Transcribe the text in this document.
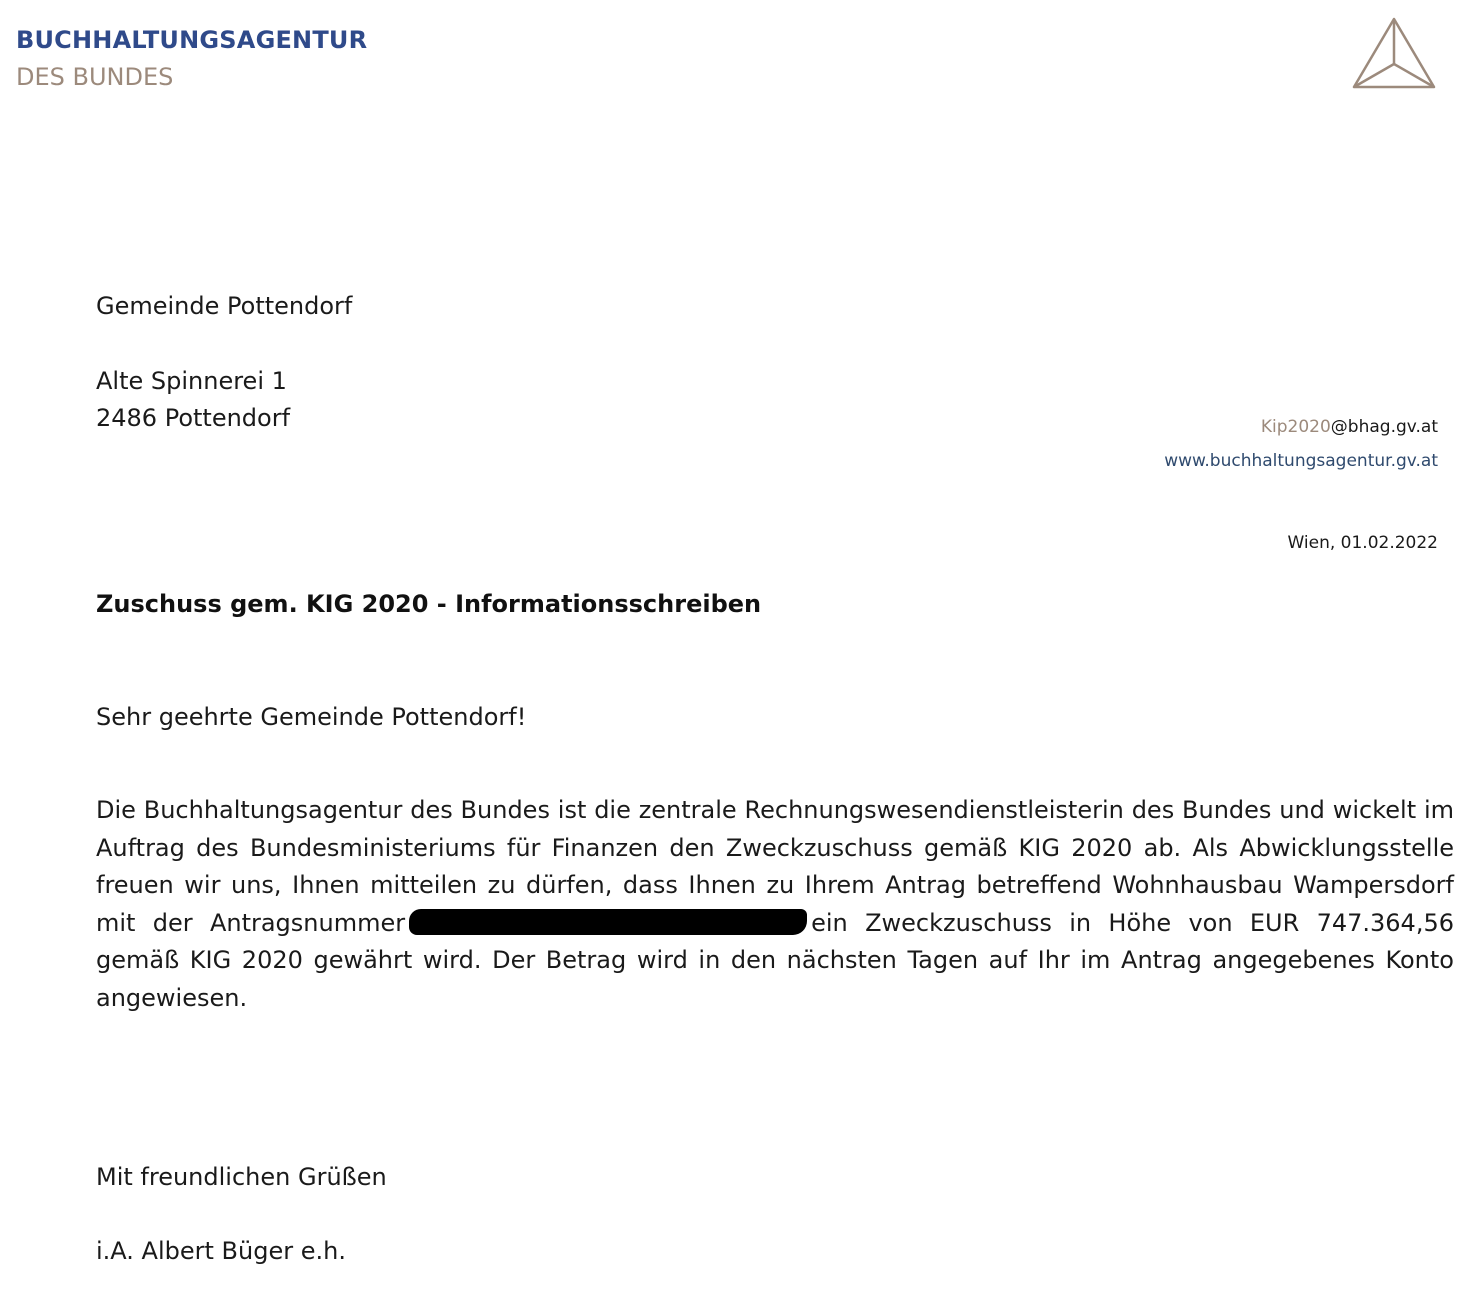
BUCHHALTUNGSAGENTUR
DES BUNDES
Gemeinde Pottendorf
Alte Spinnerei 1
2486 Pottendorf	Kip2020@bhag.gv.at
www.buchhaltungsagentur.gv.at
Wien, 01.02.2022
Zuschuss gem. KIG 2020 - Informationsschreiben
Sehr geehrte Gemeinde Pottendorf!
Die Buchhaltungsagentur des Bundes ist die zentrale Rechnungswesendienstleisterin des Bundes und wickelt im Auftrag des Bundesministeriums für Finanzen den Zweckzuschuss gemäß KIG 2020 ab. Als Abwicklungsstelle freuen wir uns, Ihnen mitteilen zu dürfen, dass Ihnen zu Ihrem Antrag betreffend Wohnhausbau Wampersdorf mit der Antragsnummer	ein Zweckzuschuss in Höhe von EUR 747.364,56 gemäß KIG 2020 gewährt wird. Der Betrag wird in den nächsten Tagen auf Ihr im Antrag angegebenes Konto angewiesen.
Mit freundlichen Grüßen
i.A. Albert Büger e.h.
